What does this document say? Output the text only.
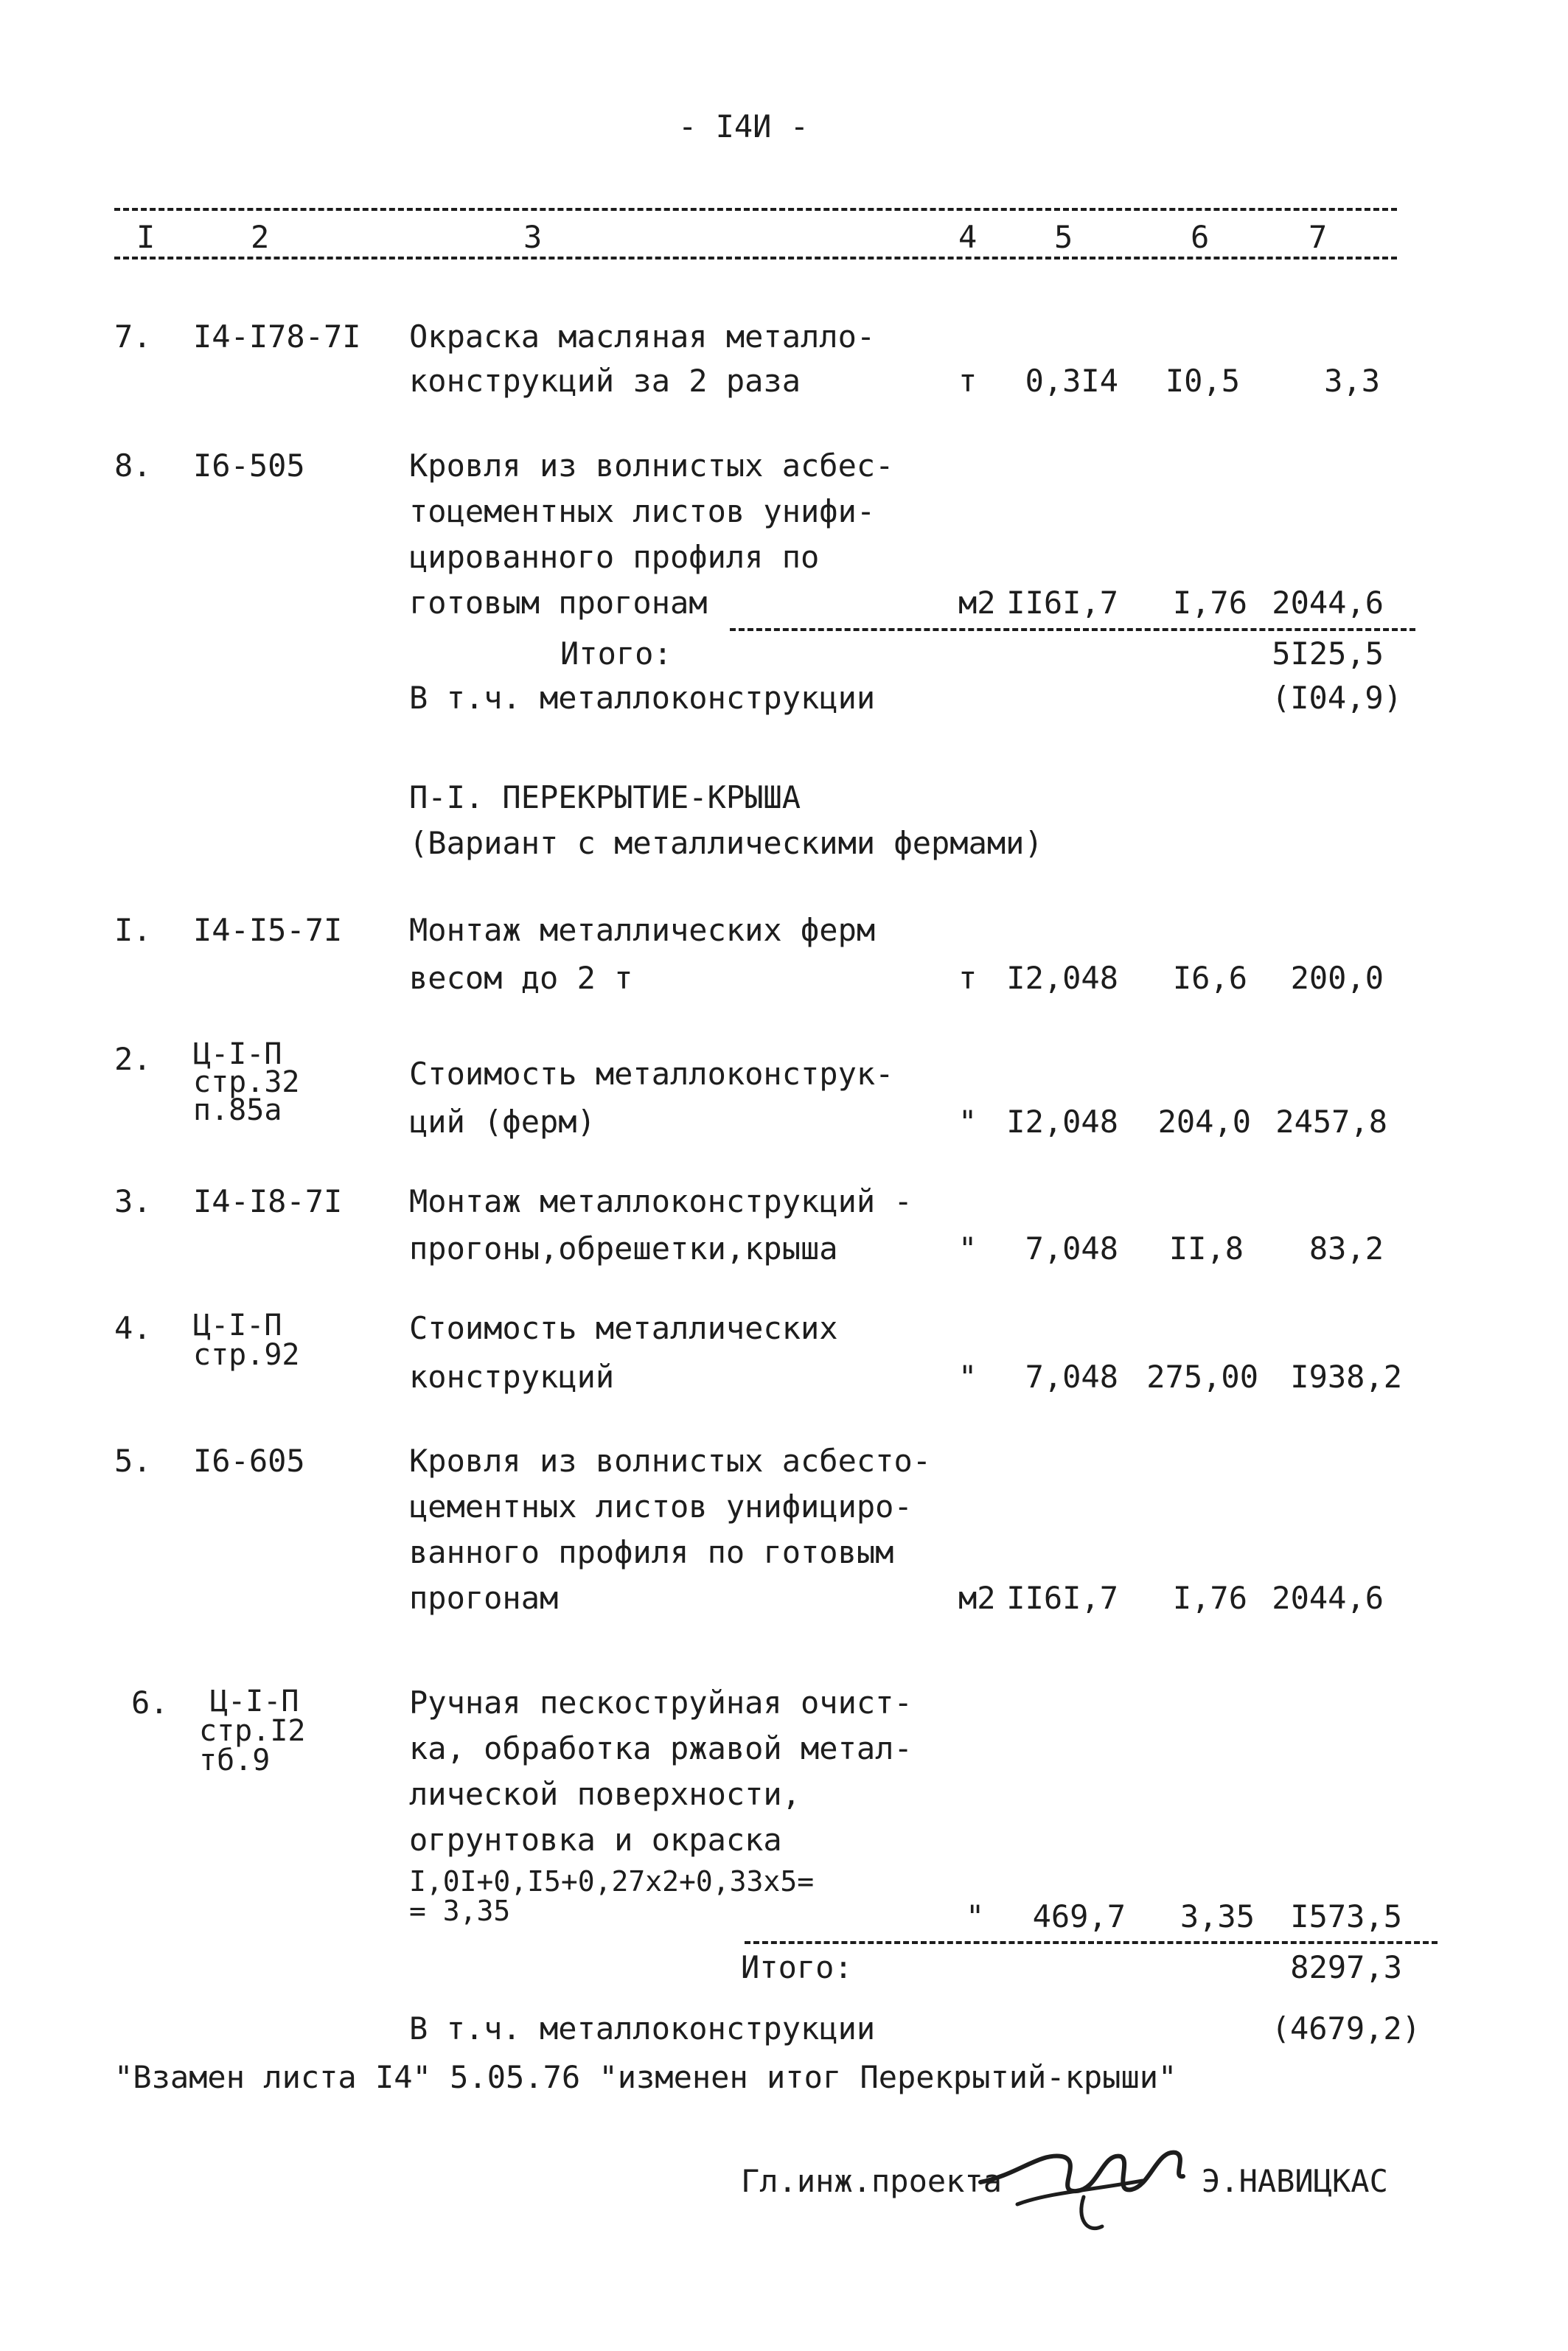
- I4И -
I	2	3	4 5	6	7
7. I4-I78-7I Окраска масляная металло-
конструкций за 2 раза	т 0,3I4 I0,5	3,3
8. I6-505	Кровля из волнистых асбес-
тоцементных листов унифи-
цированного профиля по
готовым прогонам	м2 II6I,7 I,76 2044,6
Итого:	5I25,5
В т.ч. металлоконструкции	(I04,9)
П-I. ПЕРЕКРЫТИЕ-КРЫША
(Вариант с металлическими фермами)
I. I4-I5-7I Монтаж металлических ферм
весом до 2 т	т I2,048 I6,6 200,0
2. Ц-I-П
стр.32
п.85а
Стоимость металлоконструк-
ций (ферм)	" I2,048 204,0 2457,8
3. I4-I8-7I Монтаж металлоконструкций -
прогоны,обрешетки,крыша	" 7,048 II,8 83,2
4. Ц-I-П
стр.92
Стоимость металлических
конструкций	" 7,048 275,00 I938,2
5. I6-605	Кровля из волнистых асбесто-
цементных листов унифициро-
ванного профиля по готовым
прогонам	м2 II6I,7 I,76 2044,6
6. Ц-I-П
стр.I2
тб.9
Ручная пескоструйная очист-
ка, обработка ржавой метал-
лической поверхности,
огрунтовка и окраска
I,0I+0,I5+0,27х2+0,33х5=
= 3,35	" 469,7 3,35 I573,5
Итого:	8297,3
В т.ч. металлоконструкции	(4679,2)
"Взамен листа I4" 5.05.76 "изменен итог Перекрытий-крыши"
Гл.инж.проекта	Э.НАВИЦКАС
